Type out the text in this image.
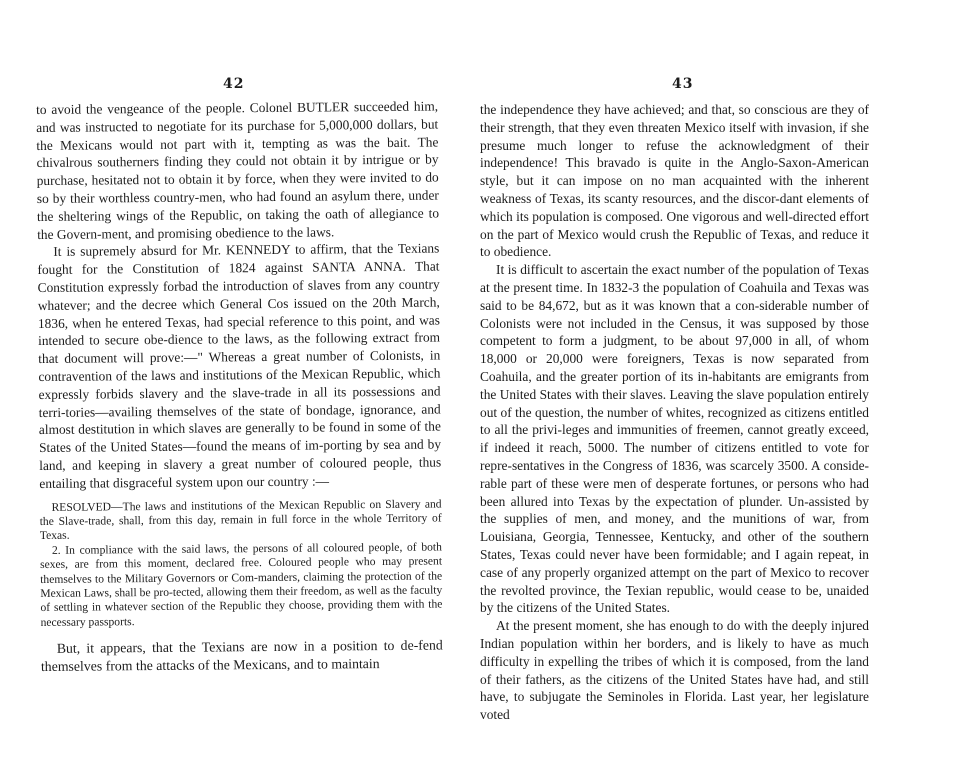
42

to avoid the vengeance of the people. Colonel BUTLER succeeded him, and was instructed to negotiate for its purchase for 5,000,000 dollars, but the Mexicans would not part with it, tempting as was the bait. The chivalrous southerners finding they could not obtain it by intrigue or by purchase, hesitated not to obtain it by force, when they were invited to do so by their worthless country-men, who had found an asylum there, under the sheltering wings of the Republic, on taking the oath of allegiance to the Govern-ment, and promising obedience to the laws.

It is supremely absurd for Mr. KENNEDY to affirm, that the Texians fought for the Constitution of 1824 against SANTA ANNA. That Constitution expressly forbad the introduction of slaves from any country whatever; and the decree which General Cos issued on the 20th March, 1836, when he entered Texas, had special reference to this point, and was intended to secure obe-dience to the laws, as the following extract from that document will prove:—" Whereas a great number of Colonists, in contravention of the laws and institutions of the Mexican Republic, which expressly forbids slavery and the slave-trade in all its possessions and terri-tories—availing themselves of the state of bondage, ignorance, and almost destitution in which slaves are generally to be found in some of the States of the United States—found the means of im-porting by sea and by land, and keeping in slavery a great number of coloured people, thus entailing that disgraceful system upon our country :—

RESOLVED—The laws and institutions of the Mexican Republic on Slavery and the Slave-trade, shall, from this day, remain in full force in the whole Territory of Texas.

2. In compliance with the said laws, the persons of all coloured people, of both sexes, are from this moment, declared free. Coloured people who may present themselves to the Military Governors or Com-manders, claiming the protection of the Mexican Laws, shall be pro-tected, allowing them their freedom, as well as the faculty of settling in whatever section of the Republic they choose, providing them with the necessary passports.

But, it appears, that the Texians are now in a position to de-fend themselves from the attacks of the Mexicans, and to maintain

43

the independence they have achieved; and that, so conscious are they of their strength, that they even threaten Mexico itself with invasion, if she presume much longer to refuse the acknowledgment of their independence! This bravado is quite in the Anglo-Saxon-American style, but it can impose on no man acquainted with the inherent weakness of Texas, its scanty resources, and the discor-dant elements of which its population is composed. One vigorous and well-directed effort on the part of Mexico would crush the Republic of Texas, and reduce it to obedience.

It is difficult to ascertain the exact number of the population of Texas at the present time. In 1832-3 the population of Coahuila and Texas was said to be 84,672, but as it was known that a con-siderable number of Colonists were not included in the Census, it was supposed by those competent to form a judgment, to be about 97,000 in all, of whom 18,000 or 20,000 were foreigners, Texas is now separated from Coahuila, and the greater portion of its in-habitants are emigrants from the United States with their slaves. Leaving the slave population entirely out of the question, the number of whites, recognized as citizens entitled to all the privi-leges and immunities of freemen, cannot greatly exceed, if indeed it reach, 5000. The number of citizens entitled to vote for repre-sentatives in the Congress of 1836, was scarcely 3500. A conside-rable part of these were men of desperate fortunes, or persons who had been allured into Texas by the expectation of plunder. Un-assisted by the supplies of men, and money, and the munitions of war, from Louisiana, Georgia, Tennessee, Kentucky, and other of the southern States, Texas could never have been formidable; and I again repeat, in case of any properly organized attempt on the part of Mexico to recover the revolted province, the Texian republic, would cease to be, unaided by the citizens of the United States.

At the present moment, she has enough to do with the deeply injured Indian population within her borders, and is likely to have as much difficulty in expelling the tribes of which it is composed, from the land of their fathers, as the citizens of the United States have had, and still have, to subjugate the Seminoles in Florida. Last year, her legislature voted
